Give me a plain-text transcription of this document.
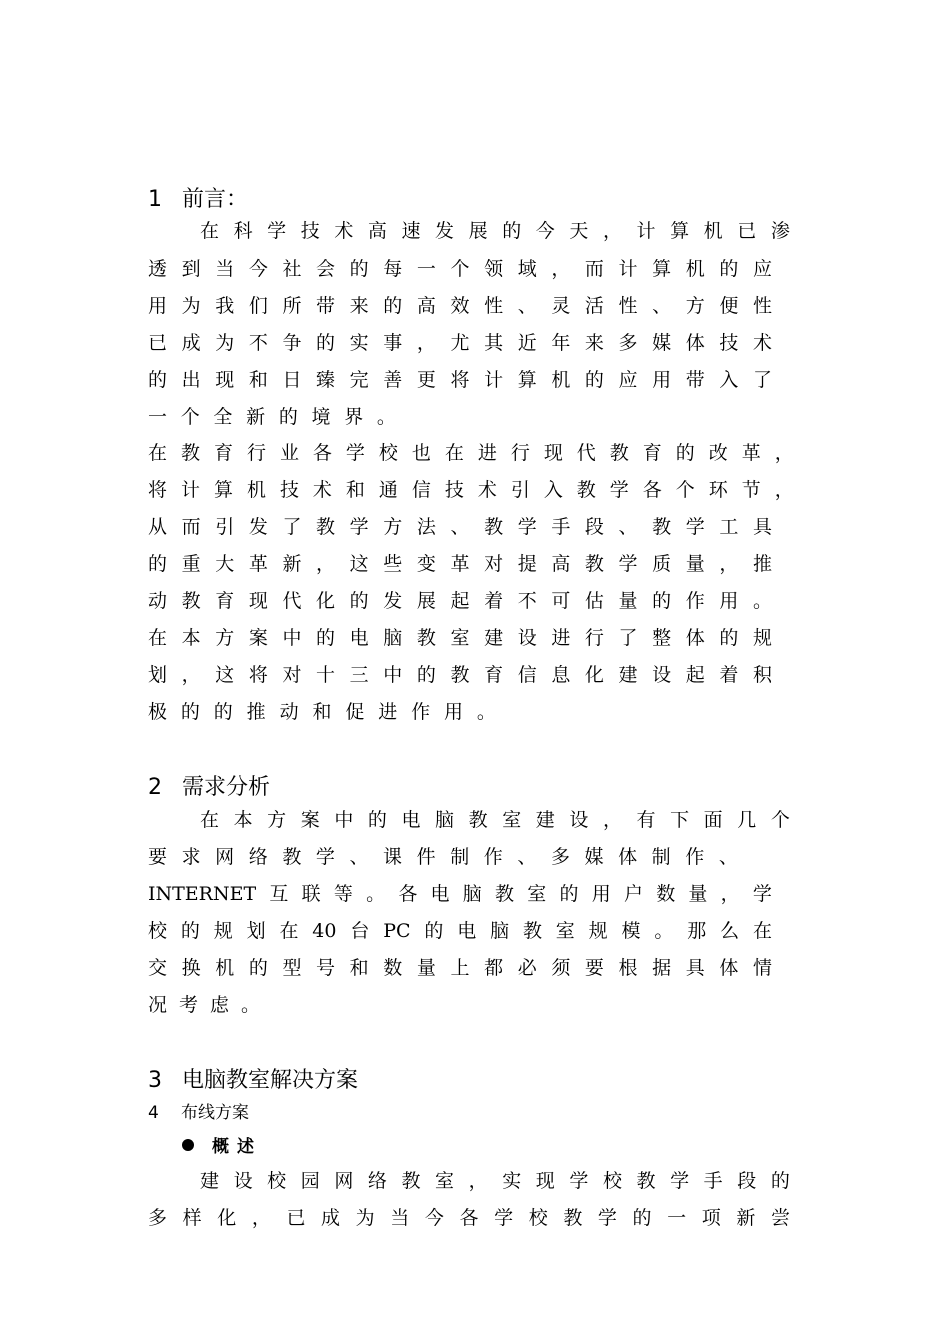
1 前言：
在 科 学 技 术 高 速 发 展 的 今 天 ， 计 算 机 已 渗
透 到 当 今 社 会 的 每 一 个 领 域 ， 而 计 算 机 的 应
用 为 我 们 所 带 来 的 高 效 性 、 灵 活 性 、 方 便 性
已 成 为 不 争 的 实 事 ， 尤 其 近 年 来 多 媒 体 技 术
的 出 现 和 日 臻 完 善 更 将 计 算 机 的 应 用 带 入 了
一 个 全 新 的 境 界 。
在 教 育 行 业 各 学 校 也 在 进 行 现 代 教 育 的 改 革 ，
将 计 算 机 技 术 和 通 信 技 术 引 入 教 学 各 个 环 节 ，
从 而 引 发 了 教 学 方 法 、 教 学 手 段 、 教 学 工 具
的 重 大 革 新 ， 这 些 变 革 对 提 高 教 学 质 量 ， 推
动 教 育 现 代 化 的 发 展 起 着 不 可 估 量 的 作 用 。
在 本 方 案 中 的 电 脑 教 室 建 设 进 行 了 整 体 的 规
划 ， 这 将 对 十 三 中 的 教 育 信 息 化 建 设 起 着 积
极 的 的 推 动 和 促 进 作 用 。
2 需求分析
在 本 方 案 中 的 电 脑 教 室 建 设 ， 有 下 面 几 个
要 求 网 络 教 学 、 课 件 制 作 、 多 媒 体 制 作 、
INTERNET 互 联 等 。 各 电 脑 教 室 的 用 户 数 量 ， 学
校 的 规 划 在 40 台 PC 的 电 脑 教 室 规 模 。 那 么 在
交 换 机 的 型 号 和 数 量 上 都 必 须 要 根 据 具 体 情
况 考 虑 。
3 电脑教室解决方案
4 布线方案
概述
建 设 校 园 网 络 教 室 ， 实 现 学 校 教 学 手 段 的
多 样 化 ， 已 成 为 当 今 各 学 校 教 学 的 一 项 新 尝
